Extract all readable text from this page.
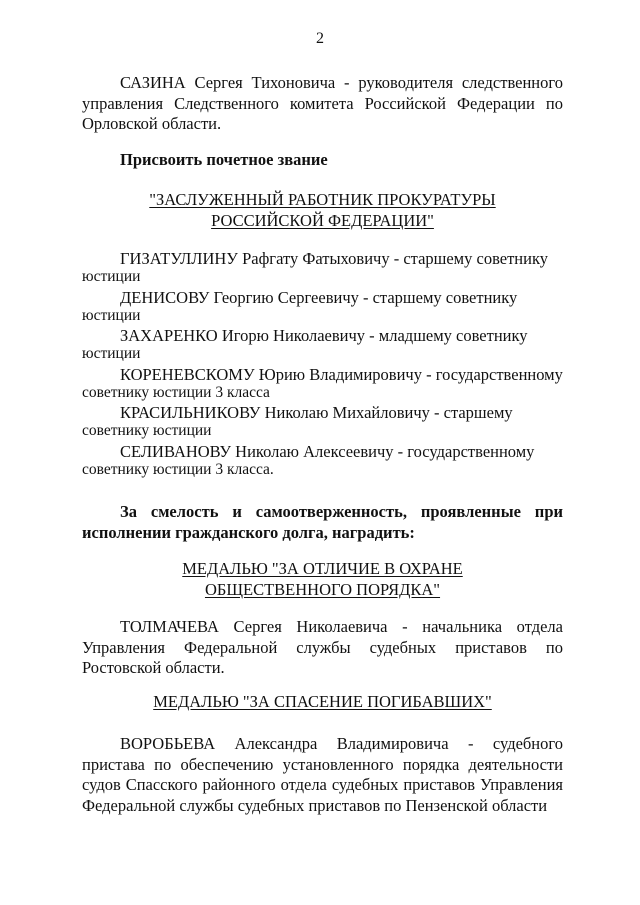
2
САЗИНА Сергея Тихоновича - руководителя следственного управления Следственного комитета Российской Федерации по Орловской области.
Присвоить почетное звание
"ЗАСЛУЖЕННЫЙ РАБОТНИК ПРОКУРАТУРЫ
РОССИЙСКОЙ ФЕДЕРАЦИИ"
ГИЗАТУЛЛИНУ Рафгату Фатыховичу - старшему советнику
юстиции
ДЕНИСОВУ Георгию Сергеевичу - старшему советнику
юстиции
ЗАХАРЕНКО Игорю Николаевичу - младшему советнику
юстиции
КОРЕНЕВСКОМУ Юрию Владимировичу - государственному
советнику юстиции 3 класса
КРАСИЛЬНИКОВУ Николаю Михайловичу - старшему
советнику юстиции
СЕЛИВАНОВУ Николаю Алексеевичу - государственному
советнику юстиции 3 класса.
За смелость и самоотверженность, проявленные при исполнении гражданского долга, наградить:
МЕДАЛЬЮ "ЗА ОТЛИЧИЕ В ОХРАНЕ
ОБЩЕСТВЕННОГО ПОРЯДКА"
ТОЛМАЧЕВА Сергея Николаевича - начальника отдела Управления Федеральной службы судебных приставов по Ростовской области.
МЕДАЛЬЮ "ЗА СПАСЕНИЕ ПОГИБАВШИХ"
ВОРОБЬЕВА Александра Владимировича - судебного пристава по обеспечению установленного порядка деятельности судов Спасского районного отдела судебных приставов Управления Федеральной службы судебных приставов по Пензенской области
